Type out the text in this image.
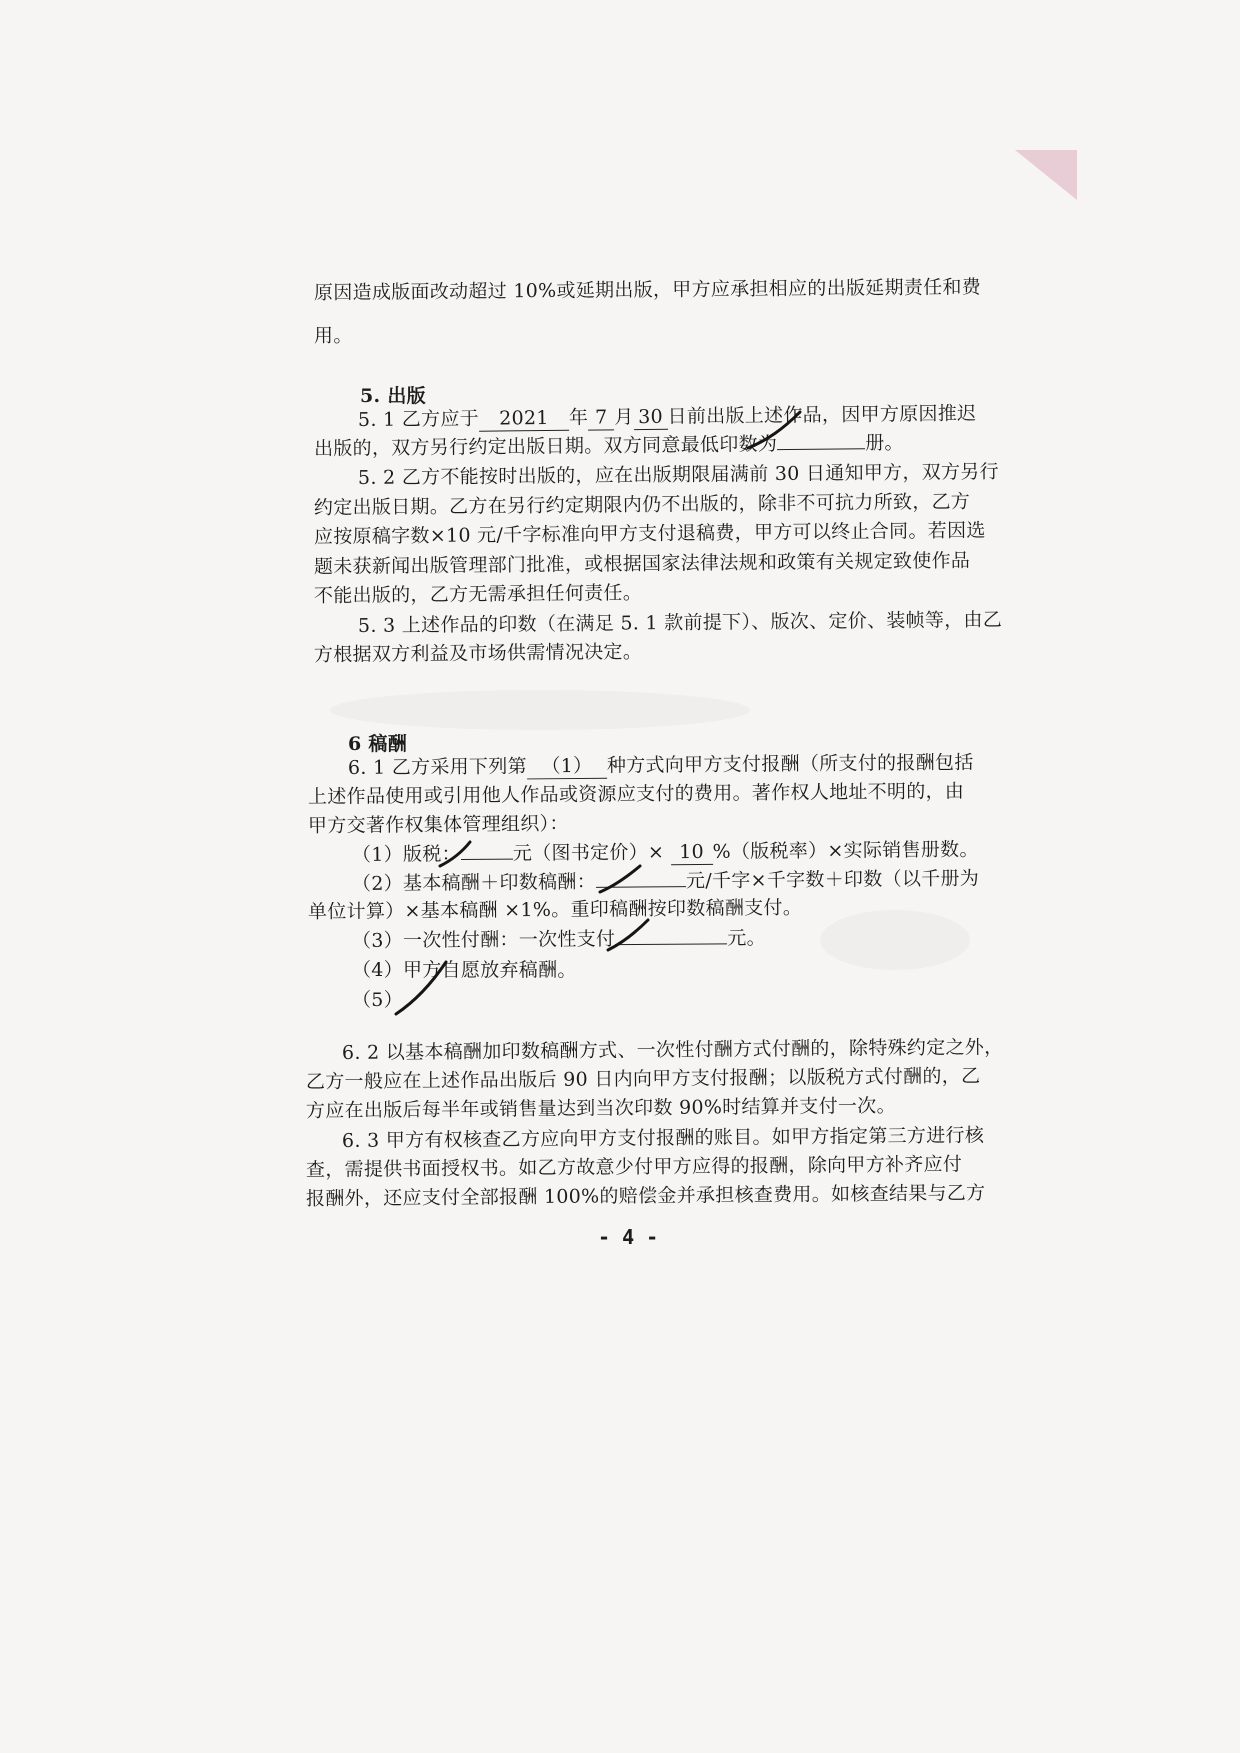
原因造成版面改动超过 10%或延期出版，甲方应承担相应的出版延期责任和费
用。
5. 出版
5. 1 乙方应于 2021 年 7 月 30 日前出版上述作品，因甲方原因推迟
出版的，双方另行约定出版日期。双方同意最低印数为	册。
5. 2 乙方不能按时出版的，应在出版期限届满前 30 日通知甲方，双方另行
约定出版日期。乙方在另行约定期限内仍不出版的，除非不可抗力所致，乙方
应按原稿字数×10 元/千字标准向甲方支付退稿费，甲方可以终止合同。若因选
题未获新闻出版管理部门批准，或根据国家法律法规和政策有关规定致使作品
不能出版的，乙方无需承担任何责任。
5. 3 上述作品的印数（在满足 5. 1 款前提下）、版次、定价、装帧等，由乙
方根据双方利益及市场供需情况决定。
6 稿酬
6. 1 乙方采用下列第 （1） 种方式向甲方支付报酬（所支付的报酬包括
上述作品使用或引用他人作品或资源应支付的费用。著作权人地址不明的，由
甲方交著作权集体管理组织）：
（1）版税：	元（图书定价）× 10 %（版税率）×实际销售册数。
（2）基本稿酬＋印数稿酬：	元/千字×千字数＋印数（以千册为
单位计算）×基本稿酬 ×1%。重印稿酬按印数稿酬支付。
（3）一次性付酬：一次性支付	元。
（4）甲方自愿放弃稿酬。
（5）
6. 2 以基本稿酬加印数稿酬方式、一次性付酬方式付酬的，除特殊约定之外，
乙方一般应在上述作品出版后 90 日内向甲方支付报酬；以版税方式付酬的，乙
方应在出版后每半年或销售量达到当次印数 90%时结算并支付一次。
6. 3 甲方有权核查乙方应向甲方支付报酬的账目。如甲方指定第三方进行核
查，需提供书面授权书。如乙方故意少付甲方应得的报酬，除向甲方补齐应付
报酬外，还应支付全部报酬 100%的赔偿金并承担核查费用。如核查结果与乙方
- 4 -
